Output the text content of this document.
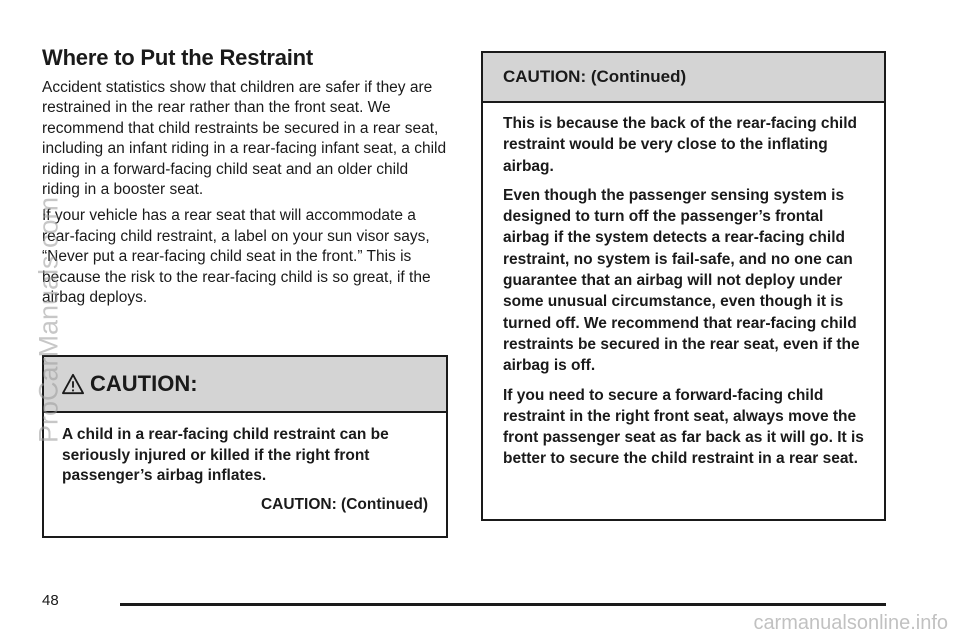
Where to Put the Restraint

Accident statistics show that children are safer if they are restrained in the rear rather than the front seat. We recommend that child restraints be secured in a rear seat, including an infant riding in a rear-facing infant seat, a child riding in a forward-facing child seat and an older child riding in a booster seat.

If your vehicle has a rear seat that will accommodate a rear-facing child restraint, a label on your sun visor says, “Never put a rear-facing child seat in the front.” This is because the risk to the rear-facing child is so great, if the airbag deploys.

CAUTION:

A child in a rear-facing child restraint can be seriously injured or killed if the right front passenger’s airbag inflates.

CAUTION: (Continued)
CAUTION: (Continued)

This is because the back of the rear-facing child restraint would be very close to the inflating airbag.

Even though the passenger sensing system is designed to turn off the passenger’s frontal airbag if the system detects a rear-facing child restraint, no system is fail-safe, and no one can guarantee that an airbag will not deploy under some unusual circumstance, even though it is turned off. We recommend that rear-facing child restraints be secured in the rear seat, even if the airbag is off.

If you need to secure a forward-facing child restraint in the right front seat, always move the front passenger seat as far back as it will go. It is better to secure the child restraint in a rear seat.

48
ProCarManuals.com
carmanualsonline.info
